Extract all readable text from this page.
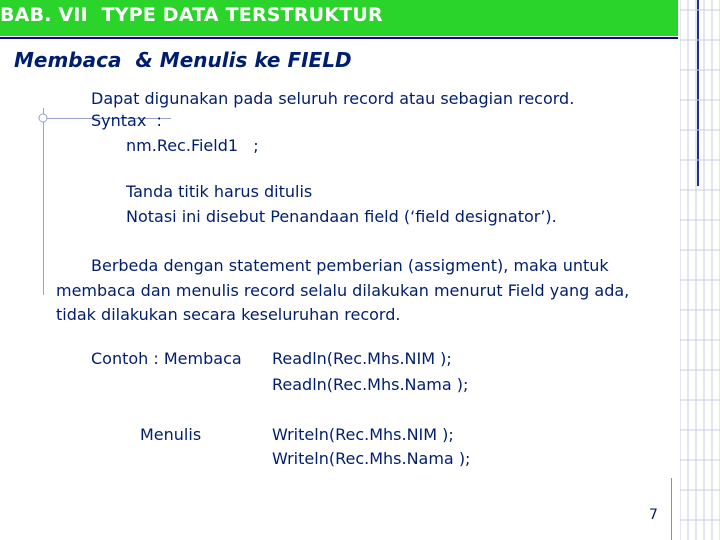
BAB. VII  TYPE DATA TERSTRUKTUR
Membaca  & Menulis ke FIELD
Dapat digunakan pada seluruh record atau sebagian record.
Syntax  :
nm.Rec.Field1   ;
Tanda titik harus ditulis
Notasi ini disebut Penandaan field (‘field designator’).
Berbeda dengan statement pemberian (assigment), maka untuk
membaca dan menulis record selalu dilakukan menurut Field yang ada,
tidak dilakukan secara keseluruhan record.
Contoh : Membaca Readln(Rec.Mhs.NIM );
Readln(Rec.Mhs.Nama );
Menulis	Writeln(Rec.Mhs.NIM );
Writeln(Rec.Mhs.Nama );
7
